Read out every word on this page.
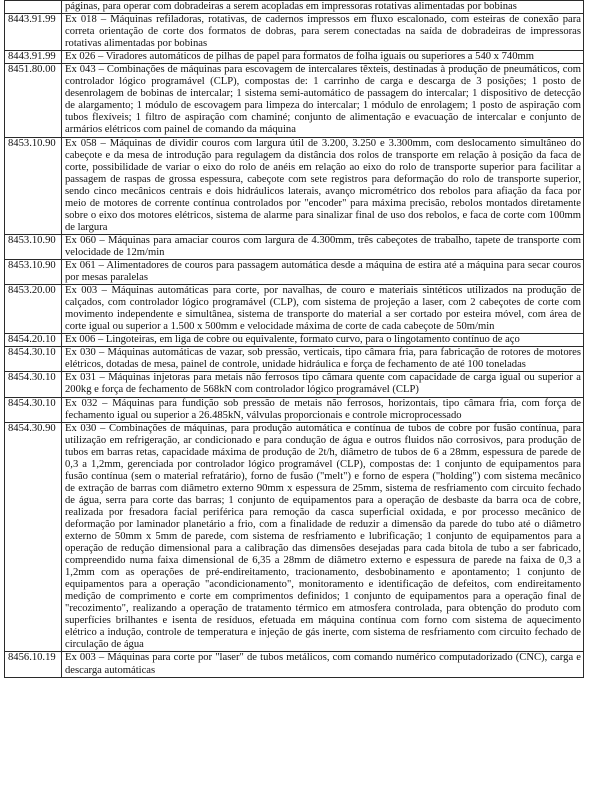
	páginas, para operar com dobradeiras a serem acopladas em impressoras rotativas alimentadas por bobinas
8443.91.99	Ex 018 – Máquinas refiladoras, rotativas, de cadernos impressos em fluxo escalonado, com esteiras de conexão para correta orientação de corte dos formatos de dobras, para serem conectadas na saída de dobradeiras de impressoras rotativas alimentadas por bobinas
8443.91.99	Ex 026 – Viradores automáticos de pilhas de papel para formatos de folha iguais ou superiores a 540 x 740mm
8451.80.00	Ex 043 – Combinações de máquinas para escovagem de intercalares têxteis, destinadas à produção de pneumáticos, com controlador lógico programável (CLP), compostas de: 1 carrinho de carga e descarga de 3 posições; 1 posto de desenrolagem de bobinas de intercalar; 1 sistema semi-automático de passagem do intercalar; 1 dispositivo de detecção de alargamento; 1 módulo de escovagem para limpeza do intercalar; 1 módulo de enrolagem; 1 posto de aspiração com tubos flexíveis; 1 filtro de aspiração com chaminé; conjunto de alimentação e evacuação de intercalar e conjunto de armários elétricos com painel de comando da máquina
8453.10.90	Ex 058 – Máquinas de dividir couros com largura útil de 3.200, 3.250 e 3.300mm, com deslocamento simultâneo do cabeçote e da mesa de introdução para regulagem da distância dos rolos de transporte em relação à posição da faca de corte, possibilidade de variar o eixo do rolo de anéis em relação ao eixo do rolo de transporte superior para facilitar a passagem de raspas de grossa espessura, cabeçote com sete registros para deformação do rolo de transporte superior, sendo cinco mecânicos centrais e dois hidráulicos laterais, avanço micrométrico dos rebolos para afiação da faca por meio de motores de corrente contínua controlados por "encoder" para máxima precisão, rebolos montados diretamente sobre o eixo dos motores elétricos, sistema de alarme para sinalizar final de uso dos rebolos, e faca de corte com 100mm de largura
8453.10.90	Ex 060 – Máquinas para amaciar couros com largura de 4.300mm, três cabeçotes de trabalho, tapete de transporte com velocidade de 12m/min
8453.10.90	Ex 061 – Alimentadores de couros para passagem automática desde a máquina de estira até a máquina para secar couros por mesas paralelas
8453.20.00	Ex 003 – Máquinas automáticas para corte, por navalhas, de couro e materiais sintéticos utilizados na produção de calçados, com controlador lógico programável (CLP), com sistema de projeção a laser, com 2 cabeçotes de corte com movimento independente e simultânea, sistema de transporte do material a ser cortado por esteira móvel, com área de corte igual ou superior a 1.500 x 500mm e velocidade máxima de corte de cada cabeçote de 50m/min
8454.20.10	Ex 006 – Lingoteiras, em liga de cobre ou equivalente, formato curvo, para o lingotamento contínuo de aço
8454.30.10	Ex 030 – Máquinas automáticas de vazar, sob pressão, verticais, tipo câmara fria, para fabricação de rotores de motores elétricos, dotadas de mesa, painel de controle, unidade hidráulica e força de fechamento de até 100 toneladas
8454.30.10	Ex 031 – Máquinas injetoras para metais não ferrosos tipo câmara quente com capacidade de carga igual ou superior a 200kg e força de fechamento de 568kN com controlador lógico programável (CLP)
8454.30.10	Ex 032 – Máquinas para fundição sob pressão de metais não ferrosos, horizontais, tipo câmara fria, com força de fechamento igual ou superior a 26.485kN, válvulas proporcionais e controle microprocessado
8454.30.90	Ex 030 – Combinações de máquinas, para produção automática e contínua de tubos de cobre por fusão contínua, para utilização em refrigeração, ar condicionado e para condução de água e outros fluidos não corrosivos, para produção de tubos em barras retas, capacidade máxima de produção de 2t/h, diâmetro de tubos de 6 a 28mm, espessura de parede de 0,3 a 1,2mm, gerenciada por controlador lógico programável (CLP), compostas de: 1 conjunto de equipamentos para fusão contínua (sem o material refratário), forno de fusão ("melt") e forno de espera ("holding") com sistema mecânico de extração de barras com diâmetro externo 90mm x espessura de 25mm, sistema de resfriamento com circuito fechado de água, serra para corte das barras; 1 conjunto de equipamentos para a operação de desbaste da barra oca de cobre, realizada por fresadora facial periférica para remoção da casca superficial oxidada, e por processo mecânico de deformação por laminador planetário a frio, com a finalidade de reduzir a dimensão da parede do tubo até o diâmetro externo de 50mm x 5mm de parede, com sistema de resfriamento e lubrificação; 1 conjunto de equipamentos para a operação de redução dimensional para a calibração das dimensões desejadas para cada bitola de tubo a ser fabricado, compreendido numa faixa dimensional de 6,35 a 28mm de diâmetro externo e espessura de parede na faixa de 0,3 a 1,2mm com as operações de pré-endireitamento, tracionamento, desbobinamento e apontamento; 1 conjunto de equipamentos para a operação "acondicionamento", monitoramento e identificação de defeitos, com endireitamento medição de comprimento e corte em comprimentos definidos; 1 conjunto de equipamentos para a operação final de "recozimento", realizando a operação de tratamento térmico em atmosfera controlada, para obtenção do produto com superfícies brilhantes e isenta de resíduos, efetuada em máquina contínua com forno com sistema de aquecimento elétrico a indução, controle de temperatura e injeção de gás inerte, com sistema de resfriamento com circuito fechado de circulação de água
8456.10.19	Ex 003 – Máquinas para corte por "laser" de tubos metálicos, com comando numérico computadorizado (CNC), carga e descarga automáticas
